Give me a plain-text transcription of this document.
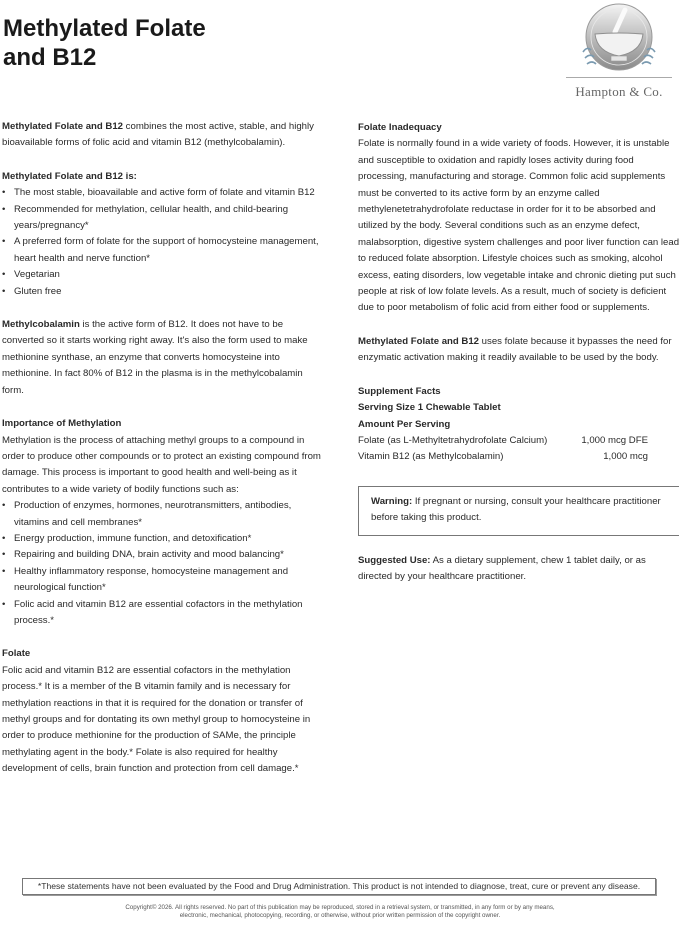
Methylated Folate
and B12
Hampton & Co.

Methylated Folate and B12 combines the most active, stable, and highly bioavailable forms of folic acid and vitamin B12 (methylcobalamin).

Methylated Folate and B12 is:

• The most stable, bioavailable and active form of folate and vitamin B12
• Recommended for methylation, cellular health, and child-bearing years/pregnancy*
• A preferred form of folate for the support of homocysteine management, heart health and nerve function*
• Vegetarian
• Gluten free

Methylcobalamin is the active form of B12. It does not have to be converted so it starts working right away. It's also the form used to make methionine synthase, an enzyme that converts homocysteine into methionine. In fact 80% of B12 in the plasma is in the methylcobalamin form.

Importance of Methylation

Methylation is the process of attaching methyl groups to a compound in order to produce other compounds or to protect an existing compound from damage. This process is important to good health and well-being as it contributes to a wide variety of bodily functions such as:

• Production of enzymes, hormones, neurotransmitters, antibodies, vitamins and cell membranes*
• Energy production, immune function, and detoxification*
• Repairing and building DNA, brain activity and mood balancing*
• Healthy inflammatory response, homocysteine management and neurological function*
• Folic acid and vitamin B12 are essential cofactors in the methylation process.*

Folate

Folic acid and vitamin B12 are essential cofactors in the methylation process.* It is a member of the B vitamin family and is necessary for methylation reactions in that it is required for the donation or transfer of methyl groups and for dontating its own methyl group to homocysteine in order to produce methionine for the production of SAMe, the principle methylating agent in the body.* Folate is also required for healthy development of cells, brain function and protection from cell damage.*

Folate Inadequacy

Folate is normally found in a wide variety of foods. However, it is unstable and susceptible to oxidation and rapidly loses activity during food processing, manufacturing and storage. Common folic acid supplements must be converted to its active form by an enzyme called methylenetetrahydrofolate reductase in order for it to be absorbed and utilized by the body. Several conditions such as an enzyme defect, malabsorption, digestive system challenges and poor liver function can lead to reduced folate absorption. Lifestyle choices such as smoking, alcohol excess, eating disorders, low vegetable intake and chronic dieting put such people at risk of low folate levels. As a result, much of society is deficient due to poor metabolism of folic acid from either food or supplements.

Methylated Folate and B12 uses folate because it bypasses the need for enzymatic activation making it readily available to be used by the body.

Supplement Facts

Serving Size 1 Chewable Tablet

Amount Per Serving

Folate (as L-Methyltetrahydrofolate Calcium)	1,000 mcg DFE
Vitamin B12 (as Methylcobalamin)	1,000 mcg
Warning: If pregnant or nursing, consult your healthcare practitioner before taking this product.

Suggested Use: As a dietary supplement, chew 1 tablet daily, or as directed by your healthcare practitioner.

*These statements have not been evaluated by the Food and Drug Administration. This product is not intended to diagnose, treat, cure or prevent any disease.
Copyright© 2026. All rights reserved. No part of this publication may be reproduced, stored in a retrieval system, or transmitted, in any form or by any means,
electronic, mechanical, photocopying, recording, or otherwise, without prior written permission of the copyright owner.
